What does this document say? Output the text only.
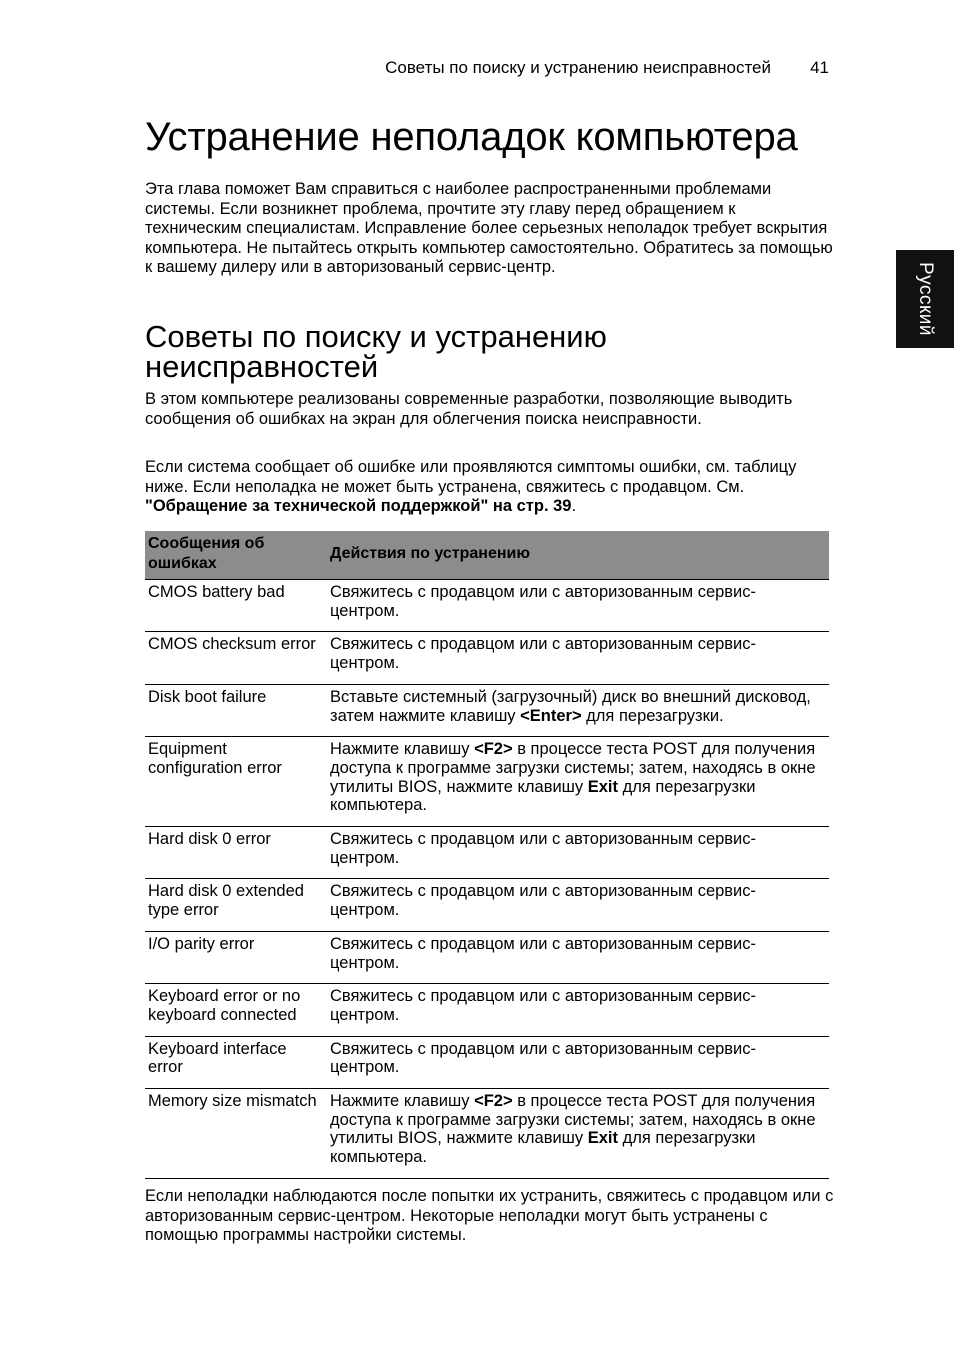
Советы по поиску и устранению неисправностей 41
Русский
Устранение неполадок компьютера

Эта глава поможет Вам справиться с наиболее распространенными проблемами системы. Если возникнет проблема, прочтите эту главу перед обращением к техническим специалистам. Исправление более серьезных неполадок требует вскрытия компьютера. Не пытайтесь открыть компьютер самостоятельно. Обратитесь за помощью к вашему дилеру или в авторизованый сервис-центр.

Советы по поиску и устранению неисправностей

В этом компьютере реализованы современные разработки, позволяющие выводить сообщения об ошибках на экран для облегчения поиска неисправности.

Если система сообщает об ошибке или проявляются симптомы ошибки, см. таблицу ниже. Если неполадка не может быть устранена, свяжитесь с продавцом. См. "Обращение за технической поддержкой" на стр. 39.

Сообщения об ошибках	Действия по устранению
CMOS battery bad	Свяжитесь с продавцом или с авторизованным сервис-центром.
CMOS checksum error	Свяжитесь с продавцом или с авторизованным сервис-центром.
Disk boot failure	Вставьте системный (загрузочный) диск во внешний дисковод, затем нажмите клавишу <Enter> для перезагрузки.
Equipment configuration error	Нажмите клавишу <F2> в процессе теста POST для получения доступа к программе загрузки системы; затем, находясь в окне утилиты BIOS, нажмите клавишу Exit для перезагрузки компьютера.
Hard disk 0 error	Свяжитесь с продавцом или с авторизованным сервис-центром.
Hard disk 0 extended type error	Свяжитесь с продавцом или с авторизованным сервис-центром.
I/O parity error	Свяжитесь с продавцом или с авторизованным сервис-центром.
Keyboard error or no keyboard connected	Свяжитесь с продавцом или с авторизованным сервис-центром.
Keyboard interface error	Свяжитесь с продавцом или с авторизованным сервис-центром.
Memory size mismatch	Нажмите клавишу <F2> в процессе теста POST для получения доступа к программе загрузки системы; затем, находясь в окне утилиты BIOS, нажмите клавишу Exit для перезагрузки компьютера.

Если неполадки наблюдаются после попытки их устранить, свяжитесь с продавцом или с авторизованным сервис-центром. Некоторые неполадки могут быть устранены с помощью программы настройки системы.
